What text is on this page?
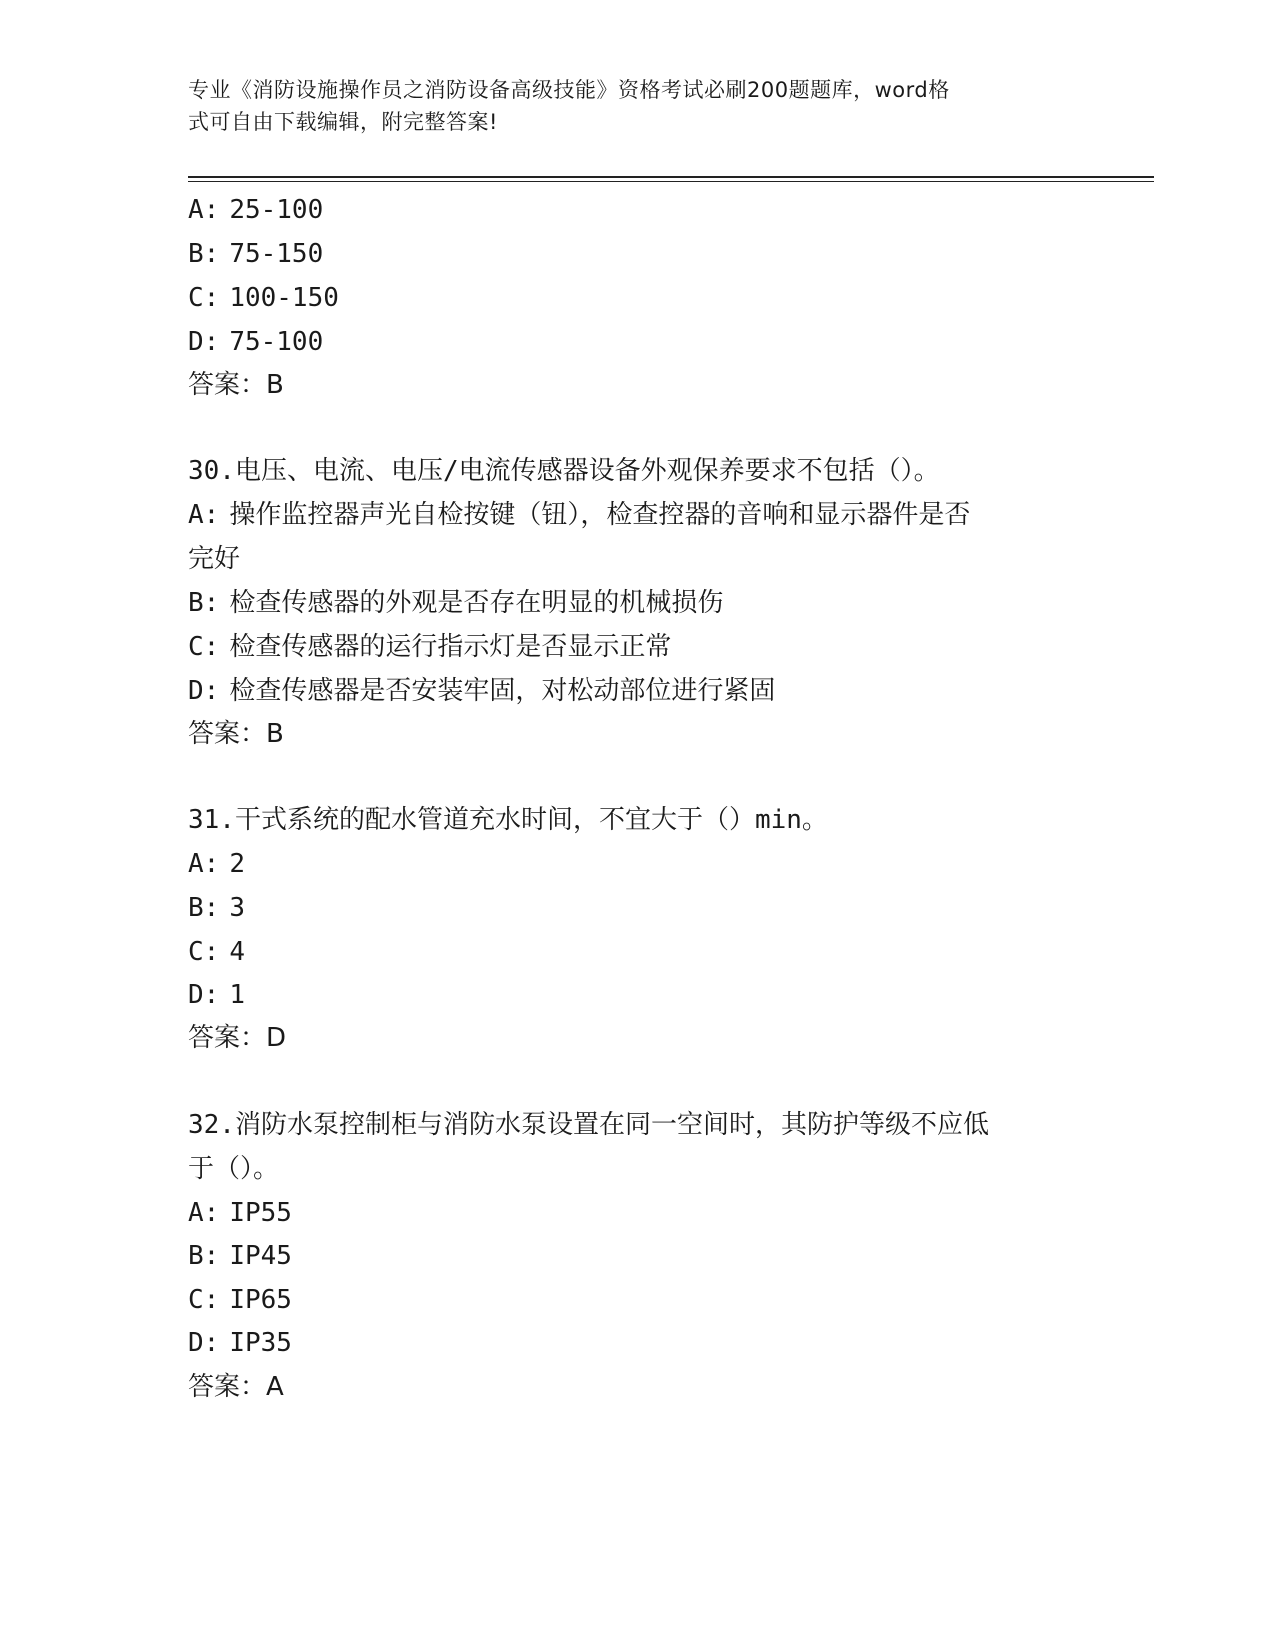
专业《消防设施操作员之消防设备高级技能》资格考试必刷200题题库，word格
式可自由下载编辑，附完整答案!
A: 25-100
B: 75-150
C: 100-150
D: 75-100
答案：B
30.电压、电流、电压/电流传感器设备外观保养要求不包括（）。
A: 操作监控器声光自检按键（钮），检查控器的音响和显示器件是否
完好
B: 检查传感器的外观是否存在明显的机械损伤
C: 检查传感器的运行指示灯是否显示正常
D: 检查传感器是否安装牢固，对松动部位进行紧固
答案：B
31.干式系统的配水管道充水时间，不宜大于（）min。
A: 2
B: 3
C: 4
D: 1
答案：D
32.消防水泵控制柜与消防水泵设置在同一空间时，其防护等级不应低
于（）。
A: IP55
B: IP45
C: IP65
D: IP35
答案：A
